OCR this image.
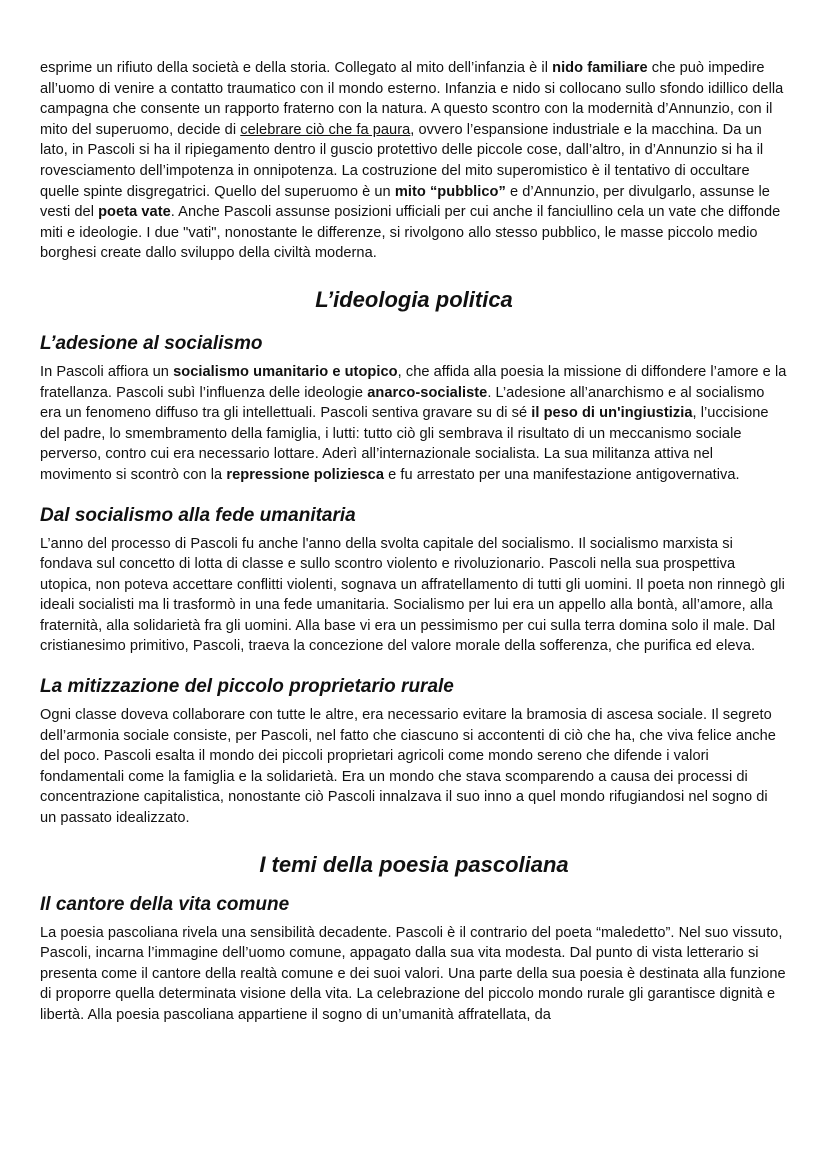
esprime un rifiuto della società e della storia. Collegato al mito dell’infanzia è il nido familiare che può impedire all’uomo di venire a contatto traumatico con il mondo esterno. Infanzia e nido si collocano sullo sfondo idillico della campagna che consente un rapporto fraterno con la natura. A questo scontro con la modernità d’Annunzio, con il mito del superuomo, decide di celebrare ciò che fa paura, ovvero l’espansione industriale e la macchina. Da un lato, in Pascoli si ha il ripiegamento dentro il guscio protettivo delle piccole cose, dall’altro, in d’Annunzio si ha il rovesciamento dell’impotenza in onnipotenza. La costruzione del mito superomistico è il tentativo di occultare quelle spinte disgregatrici. Quello del superuomo è un mito “pubblico” e d’Annunzio, per divulgarlo, assunse le vesti del poeta vate. Anche Pascoli assunse posizioni ufficiali per cui anche il fanciullino cela un vate che diffonde miti e ideologie. I due "vati", nonostante le differenze, si rivolgono allo stesso pubblico, le masse piccolo medio borghesi create dallo sviluppo della civiltà moderna.

L’ideologia politica
L’adesione al socialismo

In Pascoli affiora un socialismo umanitario e utopico, che affida alla poesia la missione di diffondere l’amore e la fratellanza. Pascoli subì l’influenza delle ideologie anarco-socialiste. L’adesione all’anarchismo e al socialismo era un fenomeno diffuso tra gli intellettuali. Pascoli sentiva gravare su di sé il peso di un'ingiustizia, l’uccisione del padre, lo smembramento della famiglia, i lutti: tutto ciò gli sembrava il risultato di un meccanismo sociale perverso, contro cui era necessario lottare. Aderì all’internazionale socialista. La sua militanza attiva nel movimento si scontrò con la repressione poliziesca e fu arrestato per una manifestazione antigovernativa.

Dal socialismo alla fede umanitaria

L’anno del processo di Pascoli fu anche l'anno della svolta capitale del socialismo. Il socialismo marxista si fondava sul concetto di lotta di classe e sullo scontro violento e rivoluzionario. Pascoli nella sua prospettiva utopica, non poteva accettare conflitti violenti, sognava un affratellamento di tutti gli uomini. Il poeta non rinnegò gli ideali socialisti ma li trasformò in una fede umanitaria. Socialismo per lui era un appello alla bontà, all’amore, alla fraternità, alla solidarietà fra gli uomini. Alla base vi era un pessimismo per cui sulla terra domina solo il male. Dal cristianesimo primitivo, Pascoli, traeva la concezione del valore morale della sofferenza, che purifica ed eleva.

La mitizzazione del piccolo proprietario rurale

Ogni classe doveva collaborare con tutte le altre, era necessario evitare la bramosia di ascesa sociale. Il segreto dell’armonia sociale consiste, per Pascoli, nel fatto che ciascuno si accontenti di ciò che ha, che viva felice anche del poco. Pascoli esalta il mondo dei piccoli proprietari agricoli come mondo sereno che difende i valori fondamentali come la famiglia e la solidarietà. Era un mondo che stava scomparendo a causa dei processi di concentrazione capitalistica, nonostante ciò Pascoli innalzava il suo inno a quel mondo rifugiandosi nel sogno di un passato idealizzato.

I temi della poesia pascoliana
Il cantore della vita comune

La poesia pascoliana rivela una sensibilità decadente. Pascoli è il contrario del poeta “maledetto”. Nel suo vissuto, Pascoli, incarna l’immagine dell’uomo comune, appagato dalla sua vita modesta. Dal punto di vista letterario si presenta come il cantore della realtà comune e dei suoi valori. Una parte della sua poesia è destinata alla funzione di proporre quella determinata visione della vita. La celebrazione del piccolo mondo rurale gli garantisce dignità e libertà. Alla poesia pascoliana appartiene il sogno di un’umanità affratellata, da
